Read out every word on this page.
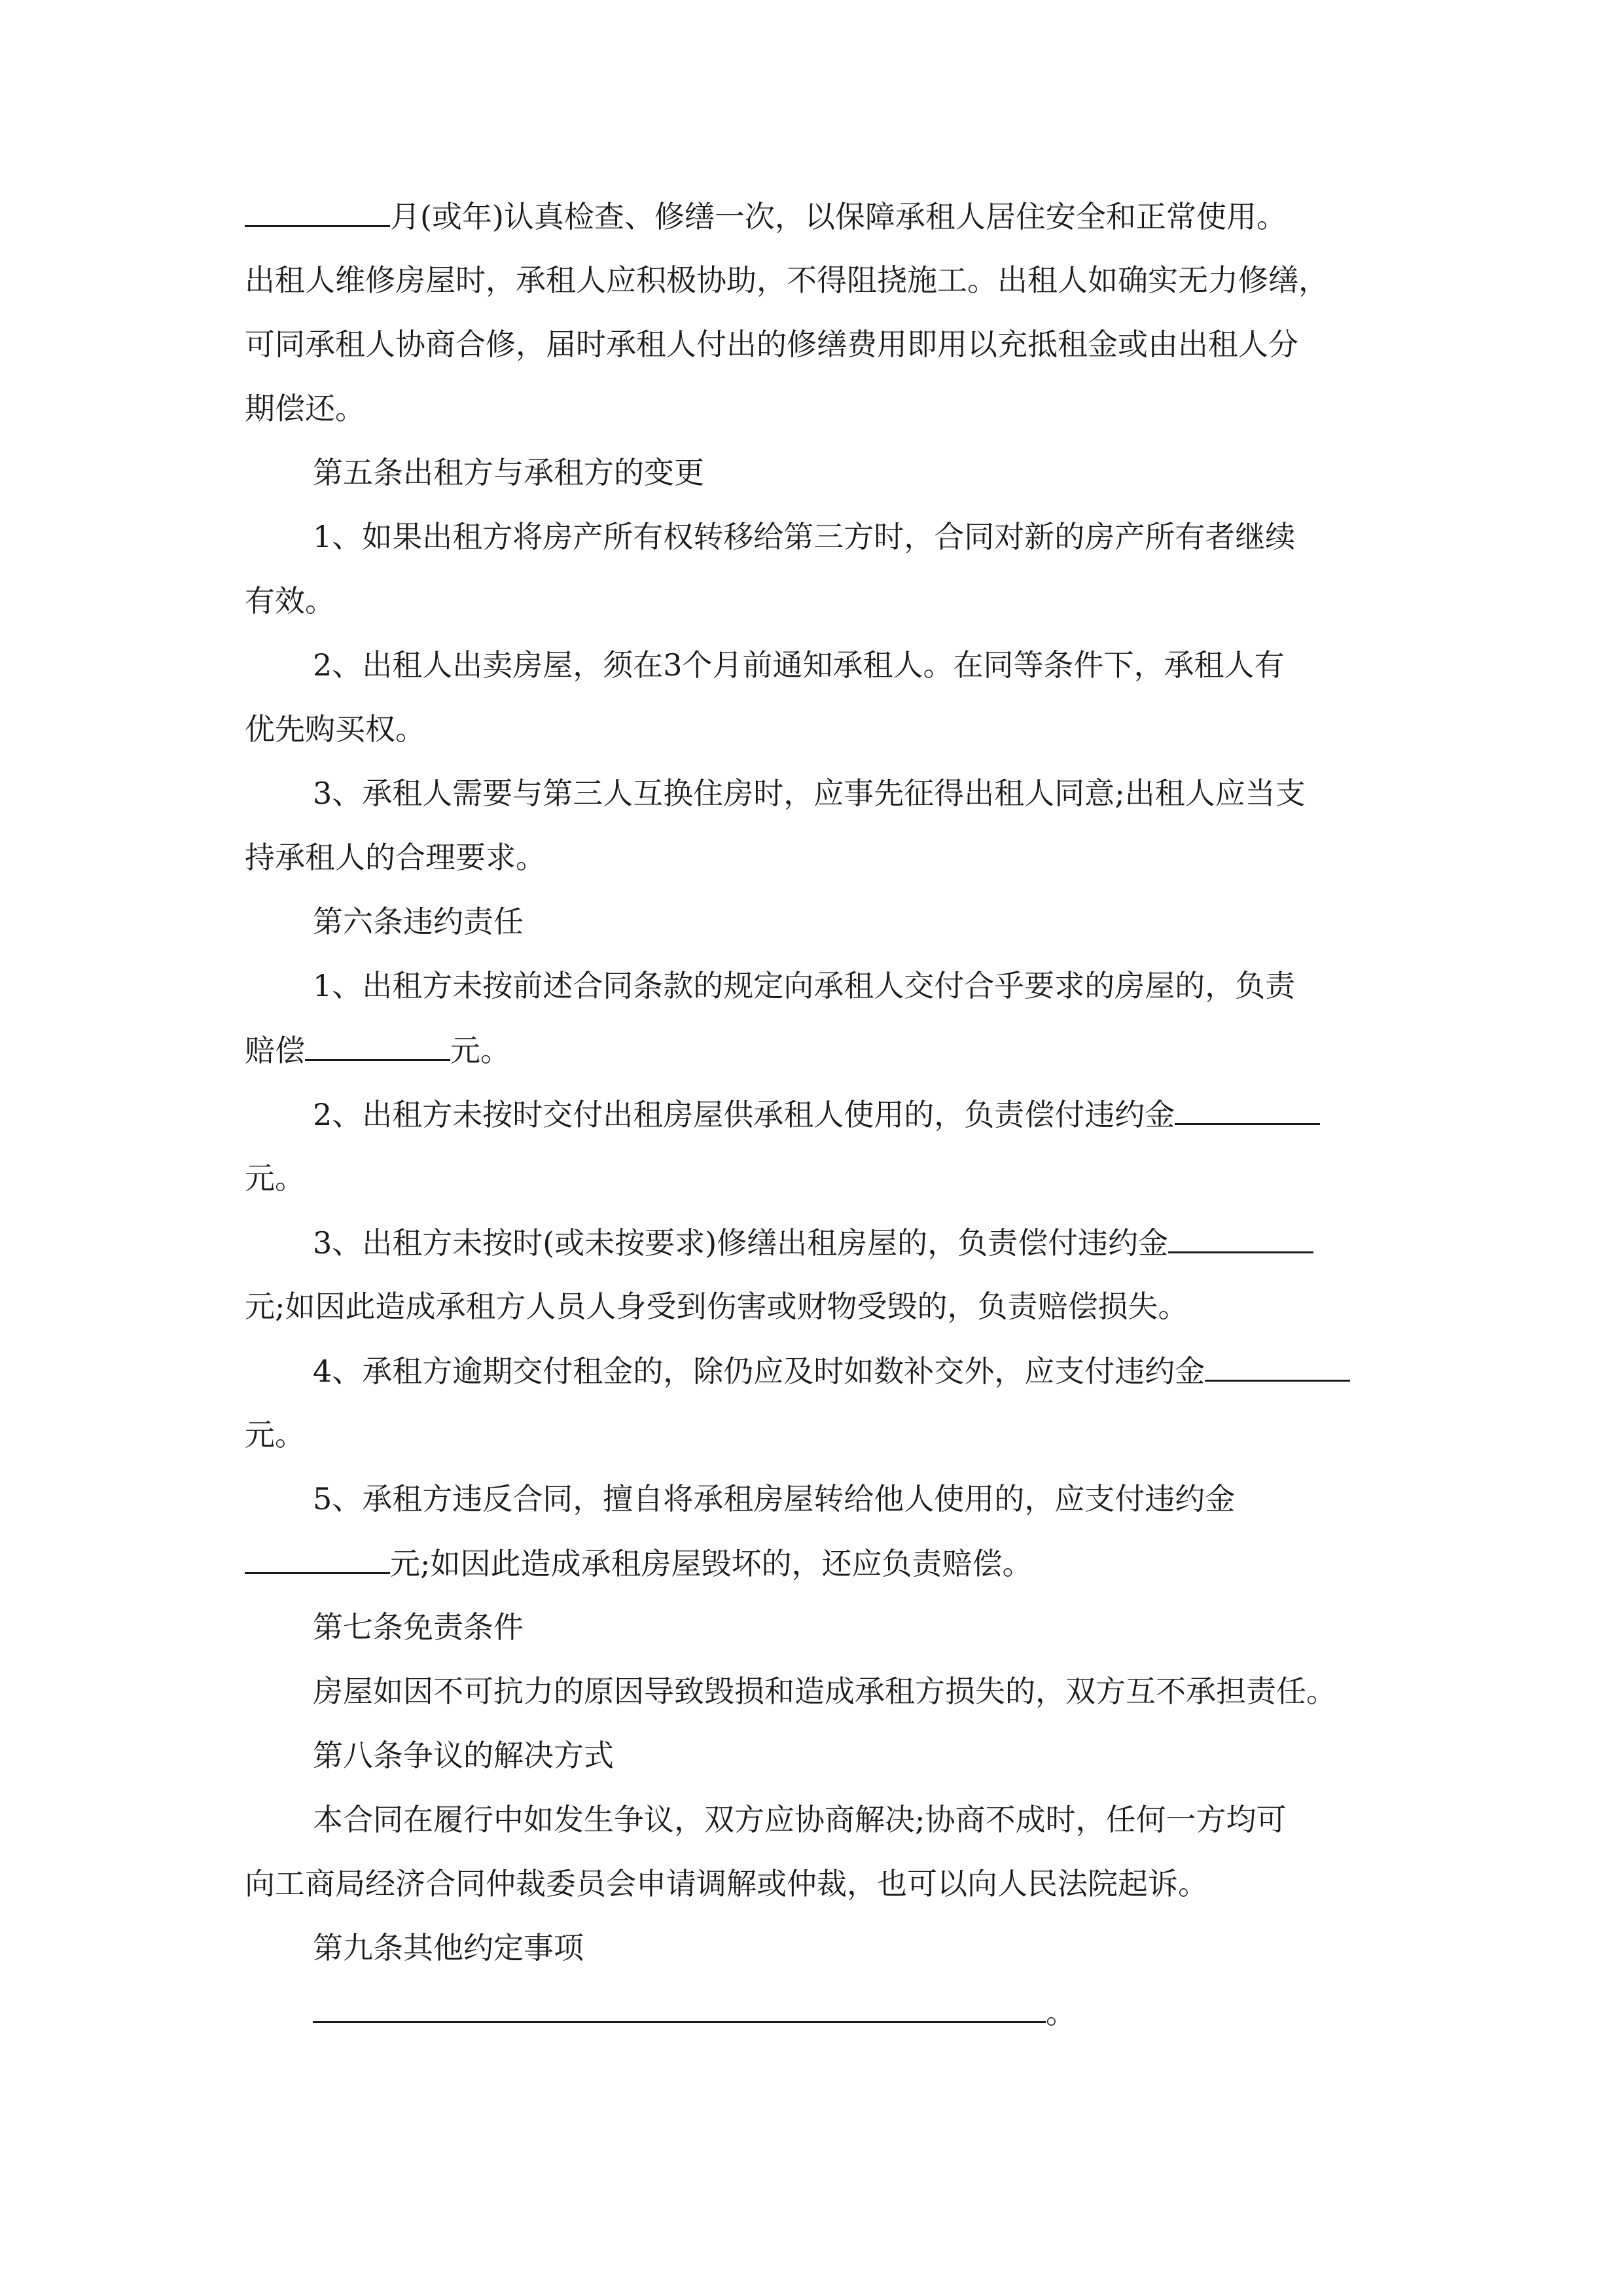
月(或年)认真检查、修缮一次，以保障承租人居住安全和正常使用。
出租人维修房屋时，承租人应积极协助，不得阻挠施工。出租人如确实无力修缮，
可同承租人协商合修，届时承租人付出的修缮费用即用以充抵租金或由出租人分
期偿还。
第五条出租方与承租方的变更
1、如果出租方将房产所有权转移给第三方时，合同对新的房产所有者继续
有效。
2、出租人出卖房屋，须在3个月前通知承租人。在同等条件下，承租人有
优先购买权。
3、承租人需要与第三人互换住房时，应事先征得出租人同意;出租人应当支
持承租人的合理要求。
第六条违约责任
1、出租方未按前述合同条款的规定向承租人交付合乎要求的房屋的，负责
赔偿	元。
2、出租方未按时交付出租房屋供承租人使用的，负责偿付违约金
元。
3、出租方未按时(或未按要求)修缮出租房屋的，负责偿付违约金
元;如因此造成承租方人员人身受到伤害或财物受毁的，负责赔偿损失。
4、承租方逾期交付租金的，除仍应及时如数补交外，应支付违约金
元。
5、承租方违反合同，擅自将承租房屋转给他人使用的，应支付违约金
元;如因此造成承租房屋毁坏的，还应负责赔偿。
第七条免责条件
房屋如因不可抗力的原因导致毁损和造成承租方损失的，双方互不承担责任。
第八条争议的解决方式
本合同在履行中如发生争议，双方应协商解决;协商不成时，任何一方均可
向工商局经济合同仲裁委员会申请调解或仲裁，也可以向人民法院起诉。
第九条其他约定事项
。
